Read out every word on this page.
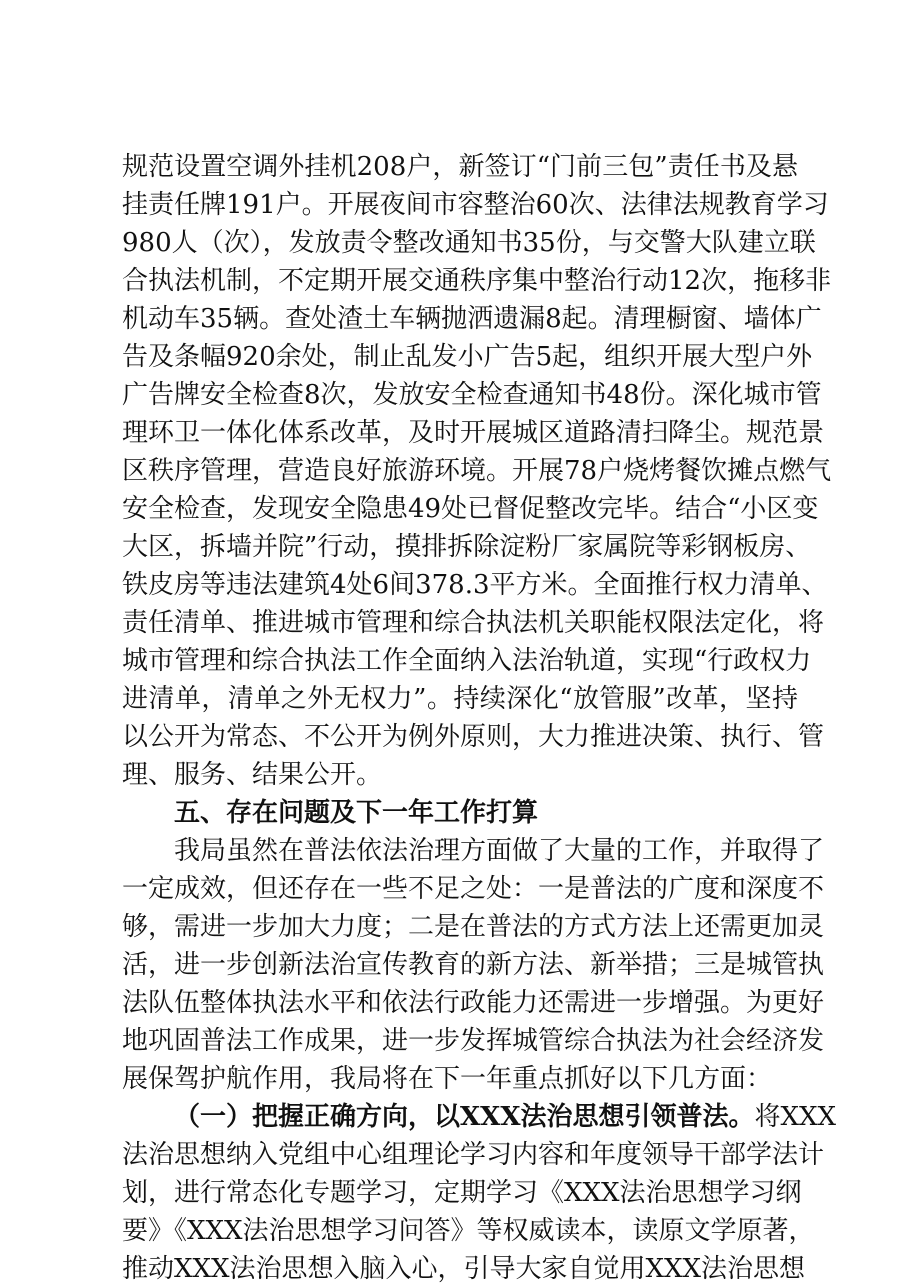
规范设置空调外挂机208户，新签订“门前三包”责任书及悬
挂责任牌191户。开展夜间市容整治60次、法律法规教育学习
980人（次），发放责令整改通知书35份，与交警大队建立联
合执法机制，不定期开展交通秩序集中整治行动12次，拖移非
机动车35辆。查处渣土车辆抛洒遗漏8起。清理橱窗、墙体广
告及条幅920余处，制止乱发小广告5起，组织开展大型户外
广告牌安全检查8次，发放安全检查通知书48份。深化城市管
理环卫一体化体系改革，及时开展城区道路清扫降尘。规范景
区秩序管理，营造良好旅游环境。开展78户烧烤餐饮摊点燃气
安全检查，发现安全隐患49处已督促整改完毕。结合“小区变
大区，拆墙并院”行动，摸排拆除淀粉厂家属院等彩钢板房、
铁皮房等违法建筑4处6间378.3平方米。全面推行权力清单、
责任清单、推进城市管理和综合执法机关职能权限法定化，将
城市管理和综合执法工作全面纳入法治轨道，实现“行政权力
进清单，清单之外无权力”。持续深化“放管服”改革，坚持
以公开为常态、不公开为例外原则，大力推进决策、执行、管
理、服务、结果公开。
五、存在问题及下一年工作打算
我局虽然在普法依法治理方面做了大量的工作，并取得了
一定成效，但还存在一些不足之处：一是普法的广度和深度不
够，需进一步加大力度；二是在普法的方式方法上还需更加灵
活，进一步创新法治宣传教育的新方法、新举措；三是城管执
法队伍整体执法水平和依法行政能力还需进一步增强。为更好
地巩固普法工作成果，进一步发挥城管综合执法为社会经济发
展保驾护航作用，我局将在下一年重点抓好以下几方面：
（一）把握正确方向，以XXX法治思想引领普法。将XXX
法治思想纳入党组中心组理论学习内容和年度领导干部学法计
划，进行常态化专题学习，定期学习《XXX法治思想学习纲
要》《XXX法治思想学习问答》等权威读本，读原文学原著，
推动XXX法治思想入脑入心，引导大家自觉用XXX法治思想
